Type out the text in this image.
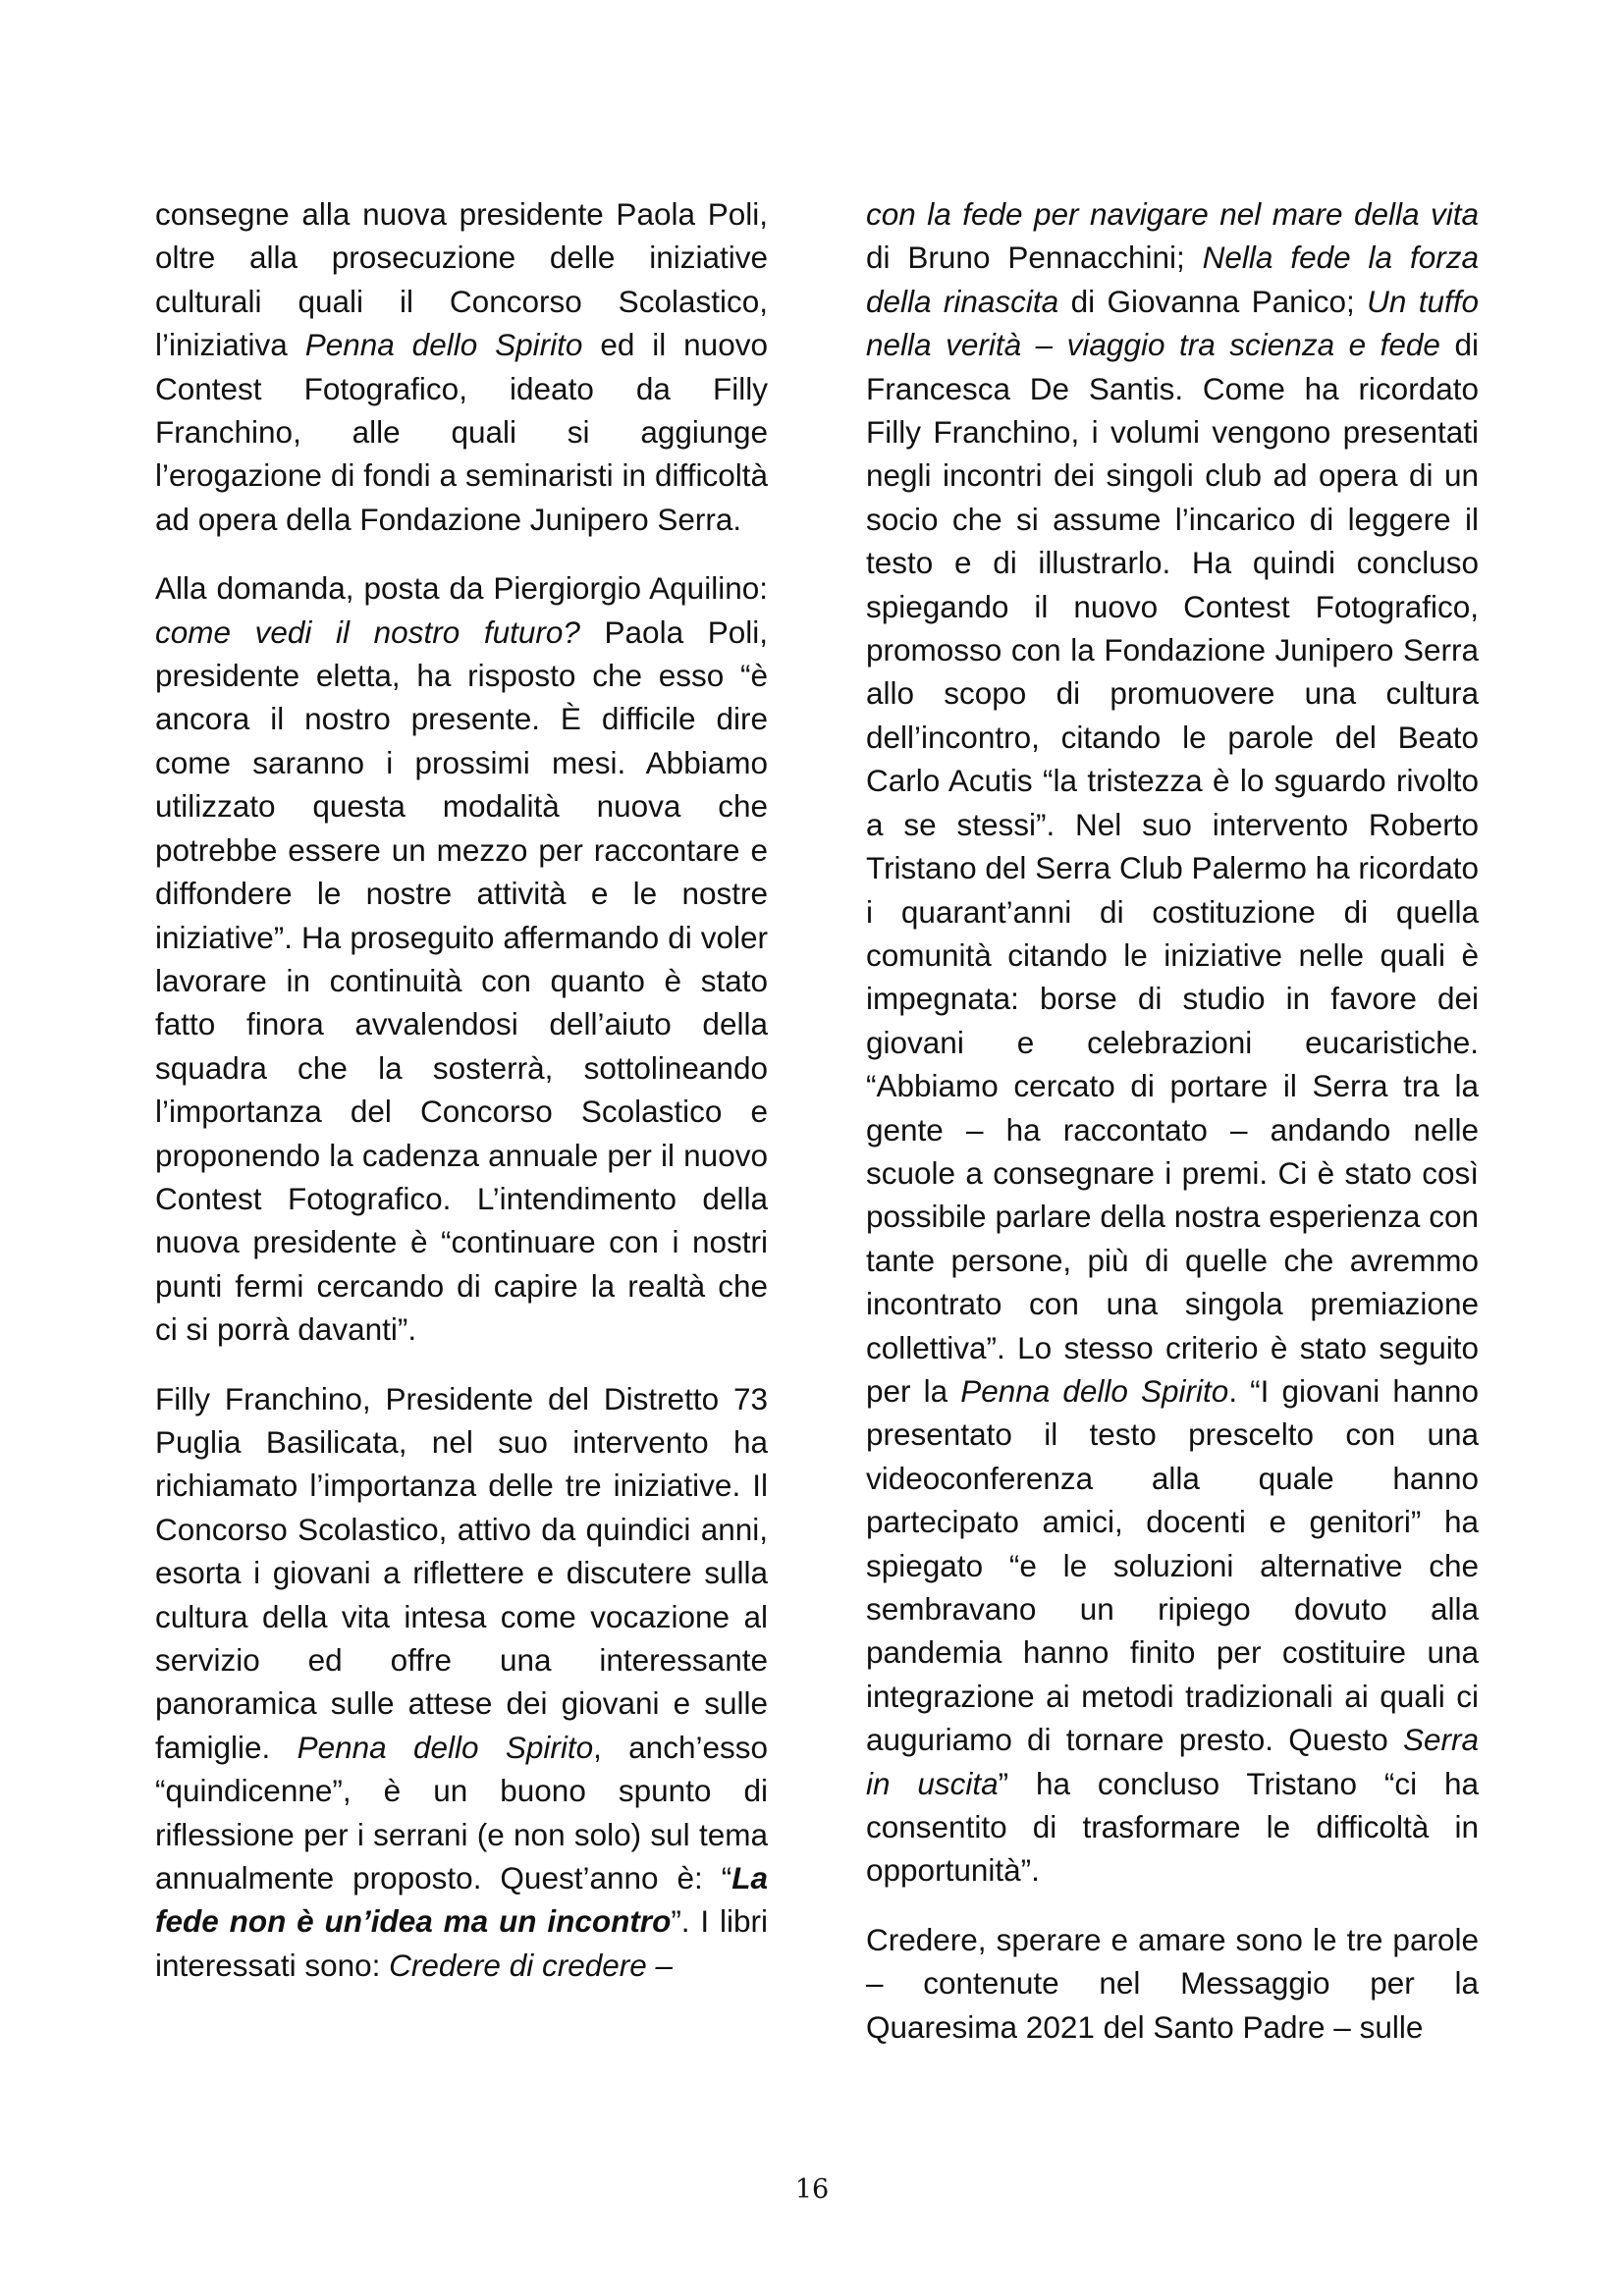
consegne alla nuova presidente Paola Poli, oltre alla prosecuzione delle iniziative culturali quali il Concorso Scolastico, l’iniziativa Penna dello Spirito ed il nuovo Contest Fotografico, ideato da Filly Franchino, alle quali si aggiunge l’erogazione di fondi a seminaristi in difficoltà ad opera della Fondazione Junipero Serra.

Alla domanda, posta da Piergiorgio Aquilino: come vedi il nostro futuro? Paola Poli, presidente eletta, ha risposto che esso “è ancora il nostro presente. È difficile dire come saranno i prossimi mesi. Abbiamo utilizzato questa modalità nuova che potrebbe essere un mezzo per raccontare e diffondere le nostre attività e le nostre iniziative”. Ha proseguito affermando di voler lavorare in continuità con quanto è stato fatto finora avvalendosi dell’aiuto della squadra che la sosterrà, sottolineando l’importanza del Concorso Scolastico e proponendo la cadenza annuale per il nuovo Contest Fotografico. L’intendimento della nuova presidente è “continuare con i nostri punti fermi cercando di capire la realtà che ci si porrà davanti”.

Filly Franchino, Presidente del Distretto 73 Puglia Basilicata, nel suo intervento ha richiamato l’importanza delle tre iniziative. Il Concorso Scolastico, attivo da quindici anni, esorta i giovani a riflettere e discutere sulla cultura della vita intesa come vocazione al servizio ed offre una interessante panoramica sulle attese dei giovani e sulle famiglie. Penna dello Spirito, anch’esso “quindicenne”, è un buono spunto di riflessione per i serrani (e non solo) sul tema annualmente proposto. Quest’anno è: “La fede non è un’idea ma un incontro”. I libri interessati sono: Credere di credere –

con la fede per navigare nel mare della vita di Bruno Pennacchini; Nella fede la forza della rinascita di Giovanna Panico; Un tuffo nella verità – viaggio tra scienza e fede di Francesca De Santis. Come ha ricordato Filly Franchino, i volumi vengono presentati negli incontri dei singoli club ad opera di un socio che si assume l’incarico di leggere il testo e di illustrarlo. Ha quindi concluso spiegando il nuovo Contest Fotografico, promosso con la Fondazione Junipero Serra allo scopo di promuovere una cultura dell’incontro, citando le parole del Beato Carlo Acutis “la tristezza è lo sguardo rivolto a se stessi”. Nel suo intervento Roberto Tristano del Serra Club Palermo ha ricordato i quarant’anni di costituzione di quella comunità citando le iniziative nelle quali è impegnata: borse di studio in favore dei giovani e celebrazioni eucaristiche. “Abbiamo cercato di portare il Serra tra la gente – ha raccontato – andando nelle scuole a consegnare i premi. Ci è stato così possibile parlare della nostra esperienza con tante persone, più di quelle che avremmo incontrato con una singola premiazione collettiva”. Lo stesso criterio è stato seguito per la Penna dello Spirito. “I giovani hanno presentato il testo prescelto con una videoconferenza alla quale hanno partecipato amici, docenti e genitori” ha spiegato “e le soluzioni alternative che sembravano un ripiego dovuto alla pandemia hanno finito per costituire una integrazione ai metodi tradizionali ai quali ci auguriamo di tornare presto. Questo Serra in uscita” ha concluso Tristano “ci ha consentito di trasformare le difficoltà in opportunità”.

Credere, sperare e amare sono le tre parole – contenute nel Messaggio per la Quaresima 2021 del Santo Padre – sulle

16
